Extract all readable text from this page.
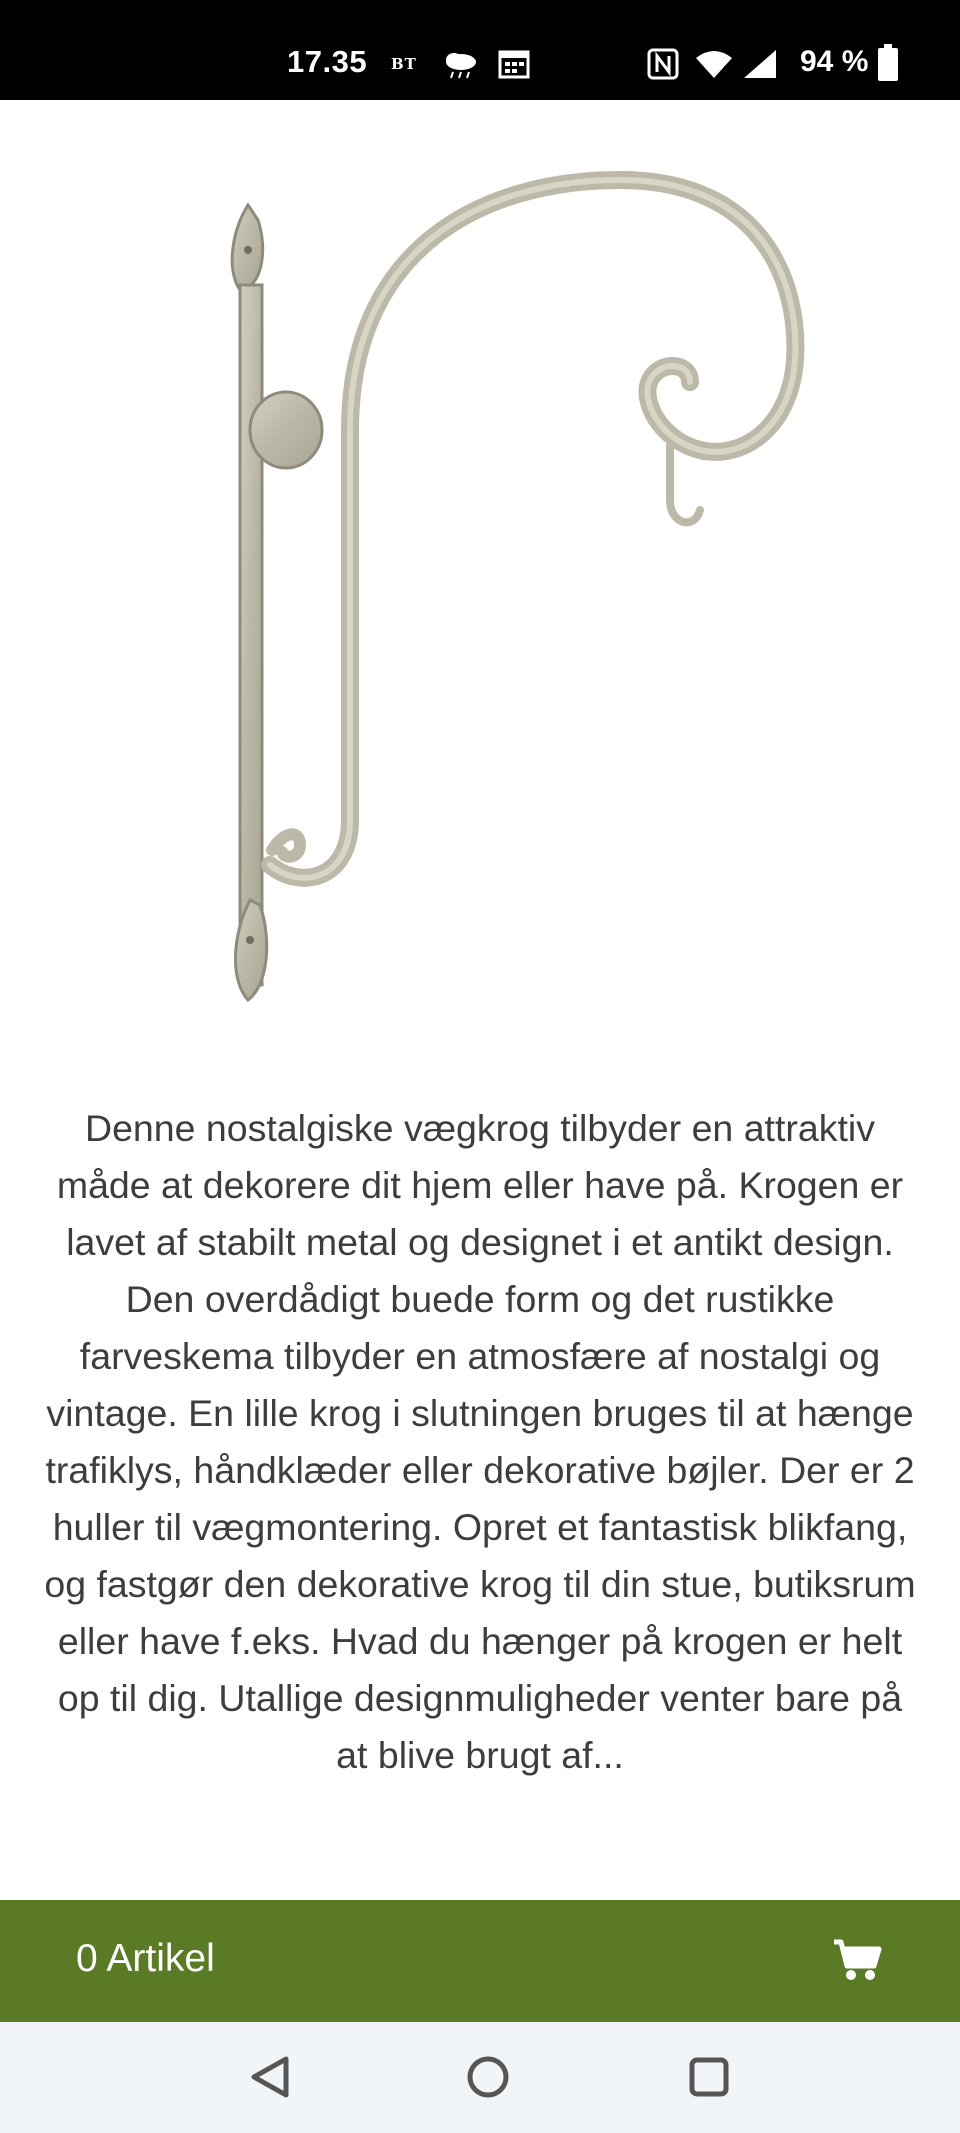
17.35 BT	94 %

Denne nostalgiske vægkrog tilbyder en attraktiv måde at dekorere dit hjem eller have på. Krogen er lavet af stabilt metal og designet i et antikt design. Den overdådigt buede form og det rustikke farveskema tilbyder en atmosfære af nostalgi og vintage. En lille krog i slutningen bruges til at hænge trafiklys, håndklæder eller dekorative bøjler. Der er 2 huller til vægmontering. Opret et fantastisk blikfang, og fastgør den dekorative krog til din stue, butiksrum eller have f.eks. Hvad du hænger på krogen er helt op til dig. Utallige designmuligheder venter bare på at blive brugt af...

0 Artikel
